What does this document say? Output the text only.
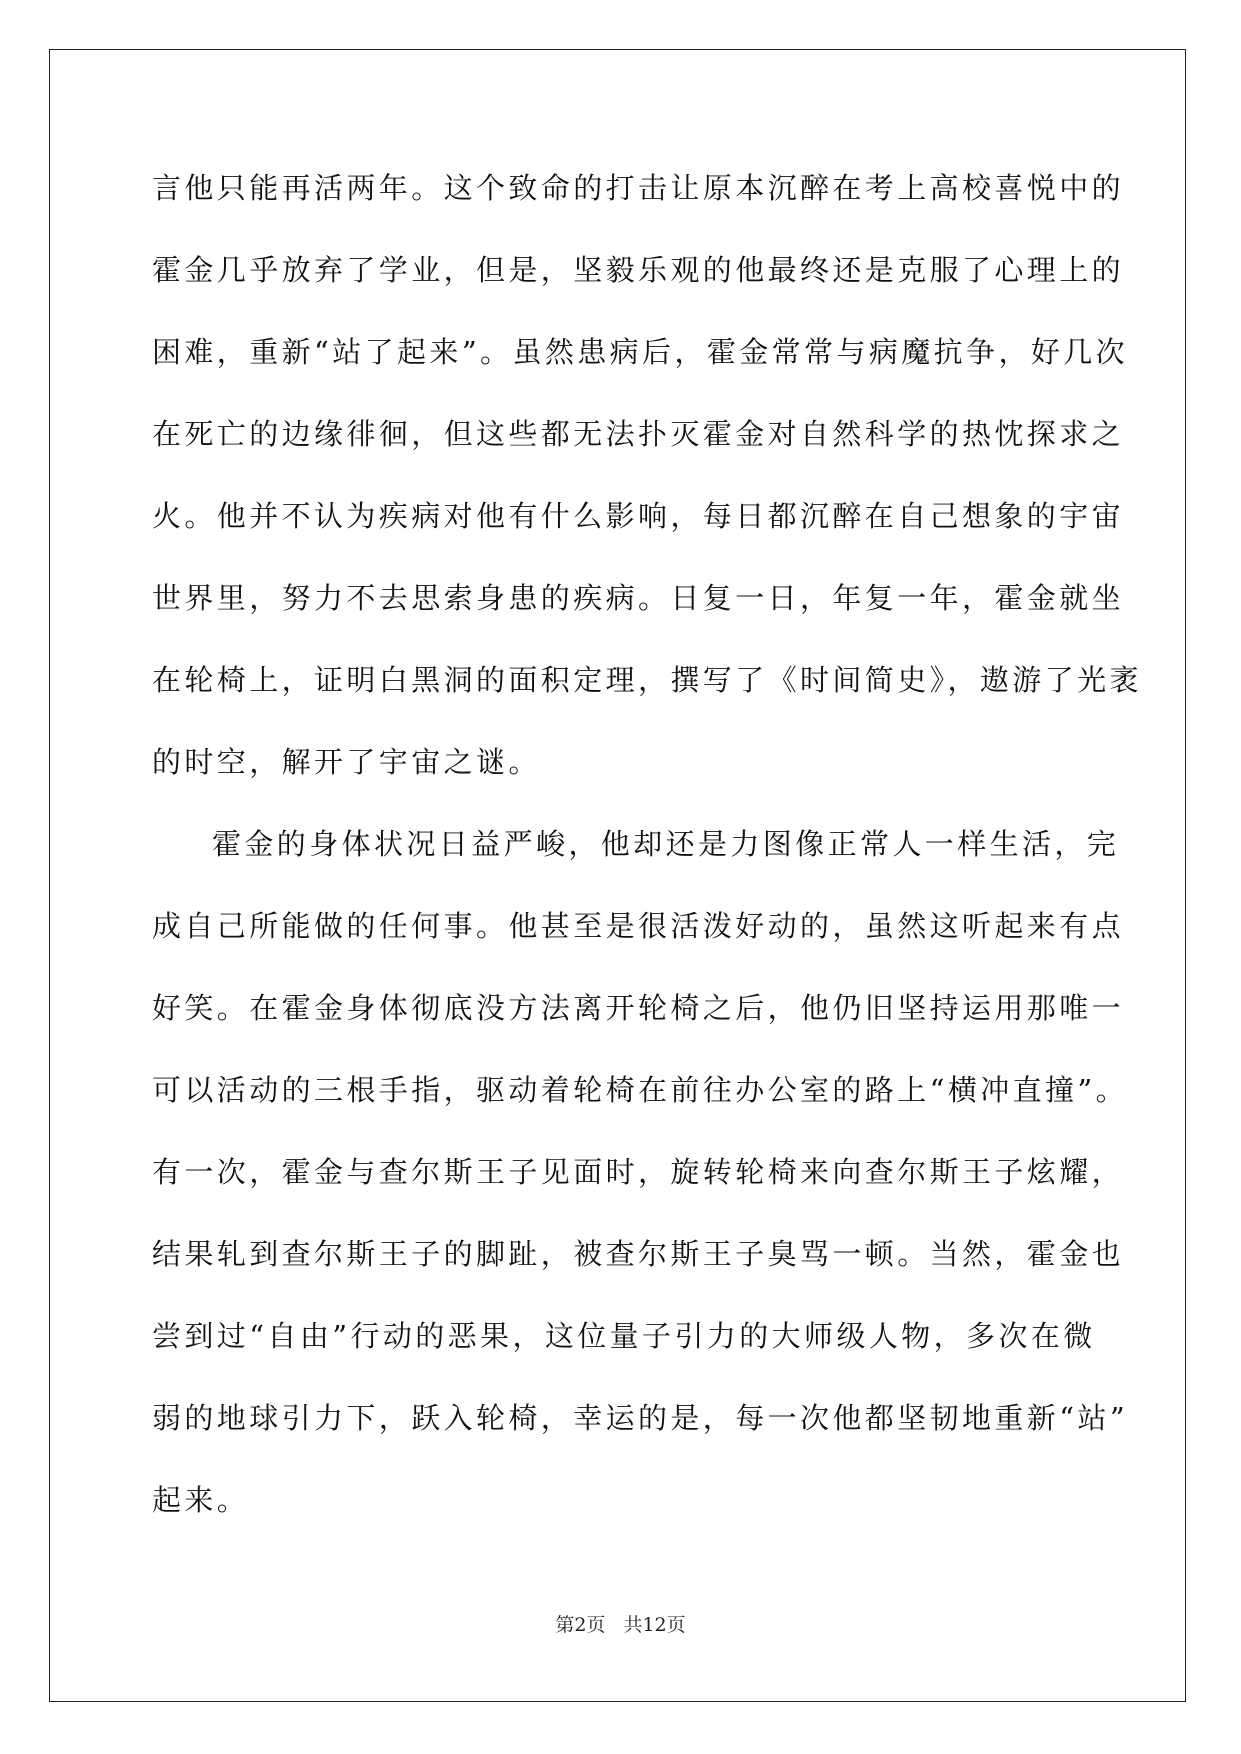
言他只能再活两年。这个致命的打击让原本沉醉在考上高校喜悦中的
霍金几乎放弃了学业，但是，坚毅乐观的他最终还是克服了心理上的
困难，重新“站了起来”。虽然患病后，霍金常常与病魔抗争，好几次
在死亡的边缘徘徊，但这些都无法扑灭霍金对自然科学的热忱探求之
火。他并不认为疾病对他有什么影响，每日都沉醉在自己想象的宇宙
世界里，努力不去思索身患的疾病。日复一日，年复一年，霍金就坐
在轮椅上，证明白黑洞的面积定理，撰写了《时间简史》，遨游了光袤
的时空，解开了宇宙之谜。
霍金的身体状况日益严峻，他却还是力图像正常人一样生活，完
成自己所能做的任何事。他甚至是很活泼好动的，虽然这听起来有点
好笑。在霍金身体彻底没方法离开轮椅之后，他仍旧坚持运用那唯一
可以活动的三根手指，驱动着轮椅在前往办公室的路上“横冲直撞”。
有一次，霍金与查尔斯王子见面时，旋转轮椅来向查尔斯王子炫耀，
结果轧到查尔斯王子的脚趾，被查尔斯王子臭骂一顿。当然，霍金也
尝到过“自由”行动的恶果，这位量子引力的大师级人物，多次在微
弱的地球引力下，跃入轮椅，幸运的是，每一次他都坚韧地重新“站”
起来。
第2页 共12页
